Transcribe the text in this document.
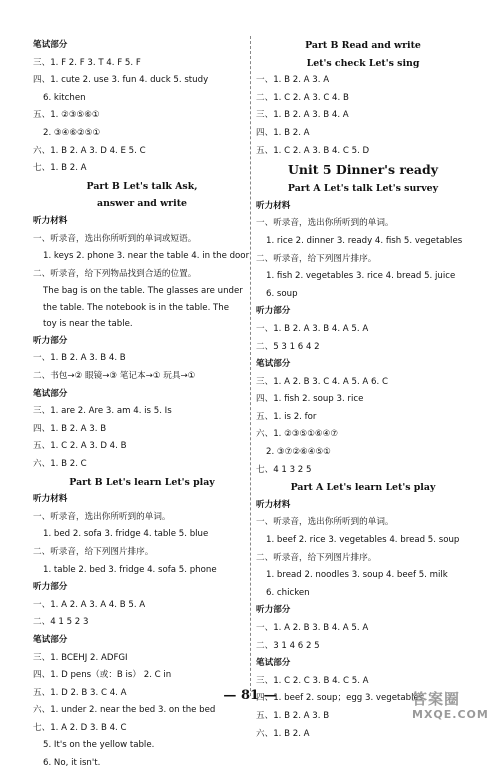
笔试部分
三、1. F 2. F 3. T 4. F 5. F
四、1. cute 2. use 3. fun 4. duck 5. study
6. kitchen
五、1. ②③⑤⑥①
2. ③④⑥②⑤①
六、1. B 2. A 3. D 4. E 5. C
七、1. B 2. A
Part B Let's talk Ask,
answer and write
听力材料
一、听录音，选出你所听到的单词或短语。
1. keys 2. phone 3. near the table 4. in the door
二、听录音，给下列物品找到合适的位置。
The bag is on the table. The glasses are under the table. The notebook is in the table. The toy is near the table.
听力部分
一、1. B 2. A 3. B 4. B
二、书包→② 眼镜→③ 笔记本→① 玩具→①
笔试部分
三、1. are 2. Are 3. am 4. is 5. Is
四、1. B 2. A 3. B
五、1. C 2. A 3. D 4. B
六、1. B 2. C
Part B Let's learn Let's play
听力材料
一、听录音，选出你所听到的单词。
1. bed 2. sofa 3. fridge 4. table 5. blue
二、听录音，给下列图片排序。
1. table 2. bed 3. fridge 4. sofa 5. phone
听力部分
一、1. A 2. A 3. A 4. B 5. A
二、4 1 5 2 3
笔试部分
三、1. BCEHJ 2. ADFGI
四、1. D pens（或：B is） 2. C in
五、1. D 2. B 3. C 4. A
六、1. under 2. near the bed 3. on the bed
七、1. A 2. D 3. B 4. C
5. It's on the yellow table.
6. No, it isn't.
Part B Read and write
Let's check Let's sing
一、1. B 2. A 3. A
二、1. C 2. A 3. C 4. B
三、1. B 2. A 3. B 4. A
四、1. B 2. A
五、1. C 2. A 3. B 4. C 5. D
Unit 5 Dinner's ready
Part A Let's talk Let's survey
听力材料
一、听录音，选出你所听到的单词。
1. rice 2. dinner 3. ready 4. fish 5. vegetables
二、听录音，给下列图片排序。
1. fish 2. vegetables 3. rice 4. bread 5. juice
6. soup
听力部分
一、1. B 2. A 3. B 4. A 5. A
二、5 3 1 6 4 2
笔试部分
三、1. A 2. B 3. C 4. A 5. A 6. C
四、1. fish 2. soup 3. rice
五、1. is 2. for
六、1. ②③⑤①⑥④⑦
2. ③⑦②⑥④⑤①
七、4 1 3 2 5
Part A Let's learn Let's play
听力材料
一、听录音，选出你所听到的单词。
1. beef 2. rice 3. vegetables 4. bread 5. soup
二、听录音，给下列图片排序。
1. bread 2. noodles 3. soup 4. beef 5. milk
6. chicken
听力部分
一、1. A 2. B 3. B 4. A 5. A
二、3 1 4 6 2 5
笔试部分
三、1. C 2. C 3. B 4. C 5. A
四、1. beef 2. soup；egg 3. vegetables
五、1. B 2. A 3. B
六、1. B 2. A
— 81 —	答案圈
MXQE.COM
